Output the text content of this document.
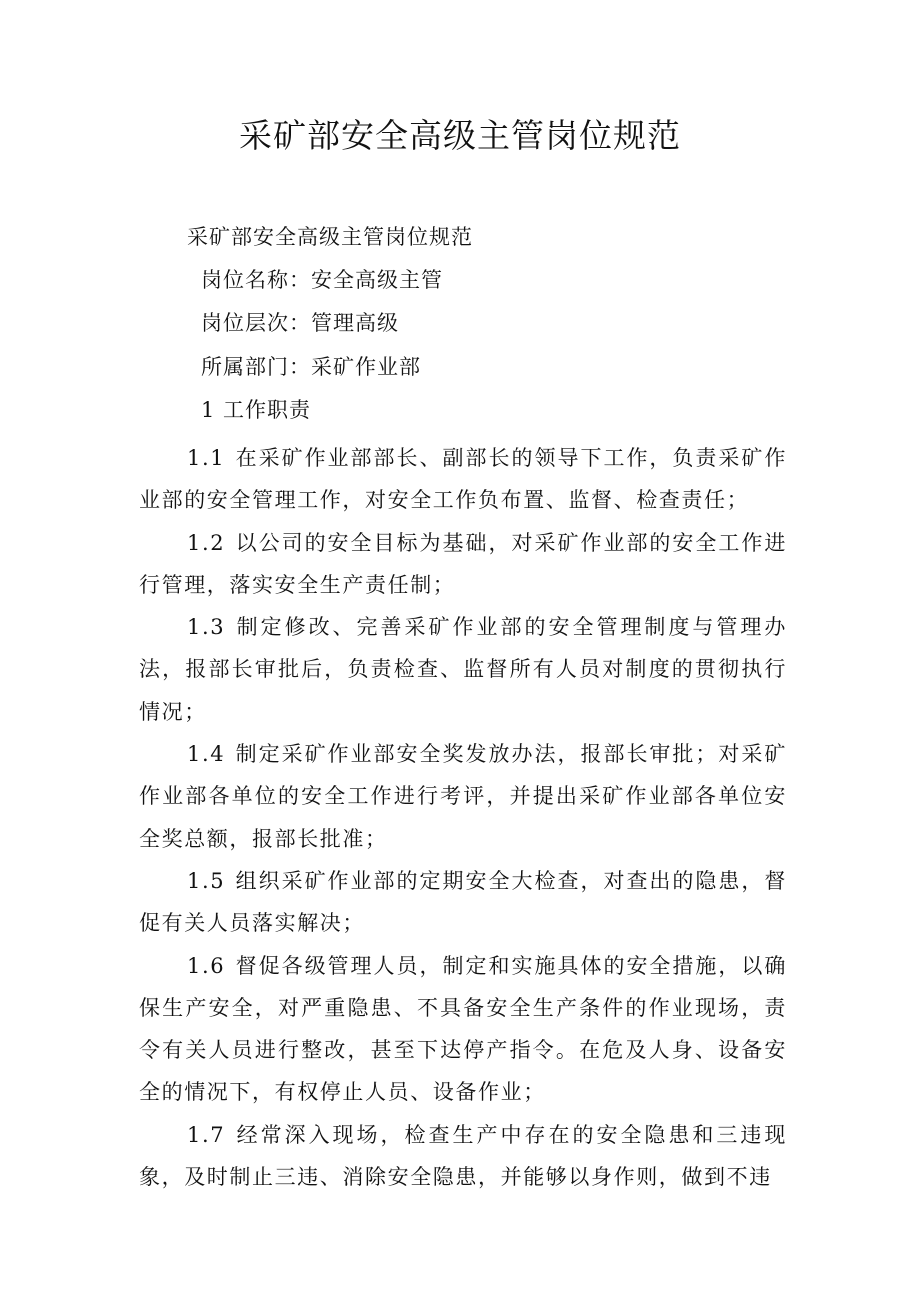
采矿部安全高级主管岗位规范
采矿部安全高级主管岗位规范
岗位名称：安全高级主管
岗位层次：管理高级
所属部门：采矿作业部
1 工作职责

1.1 在采矿作业部部长、副部长的领导下工作，负责采矿作业部的安全管理工作，对安全工作负布置、监督、检查责任；

1.2 以公司的安全目标为基础，对采矿作业部的安全工作进行管理，落实安全生产责任制；

1.3 制定修改、完善采矿作业部的安全管理制度与管理办法，报部长审批后，负责检查、监督所有人员对制度的贯彻执行情况；

1.4 制定采矿作业部安全奖发放办法，报部长审批；对采矿作业部各单位的安全工作进行考评，并提出采矿作业部各单位安全奖总额，报部长批准；

1.5 组织采矿作业部的定期安全大检查，对查出的隐患，督促有关人员落实解决；

1.6 督促各级管理人员，制定和实施具体的安全措施，以确保生产安全，对严重隐患、不具备安全生产条件的作业现场，责令有关人员进行整改，甚至下达停产指令。在危及人身、设备安全的情况下，有权停止人员、设备作业；

1.7 经常深入现场，检查生产中存在的安全隐患和三违现象，及时制止三违、消除安全隐患，并能够以身作则，做到不违
